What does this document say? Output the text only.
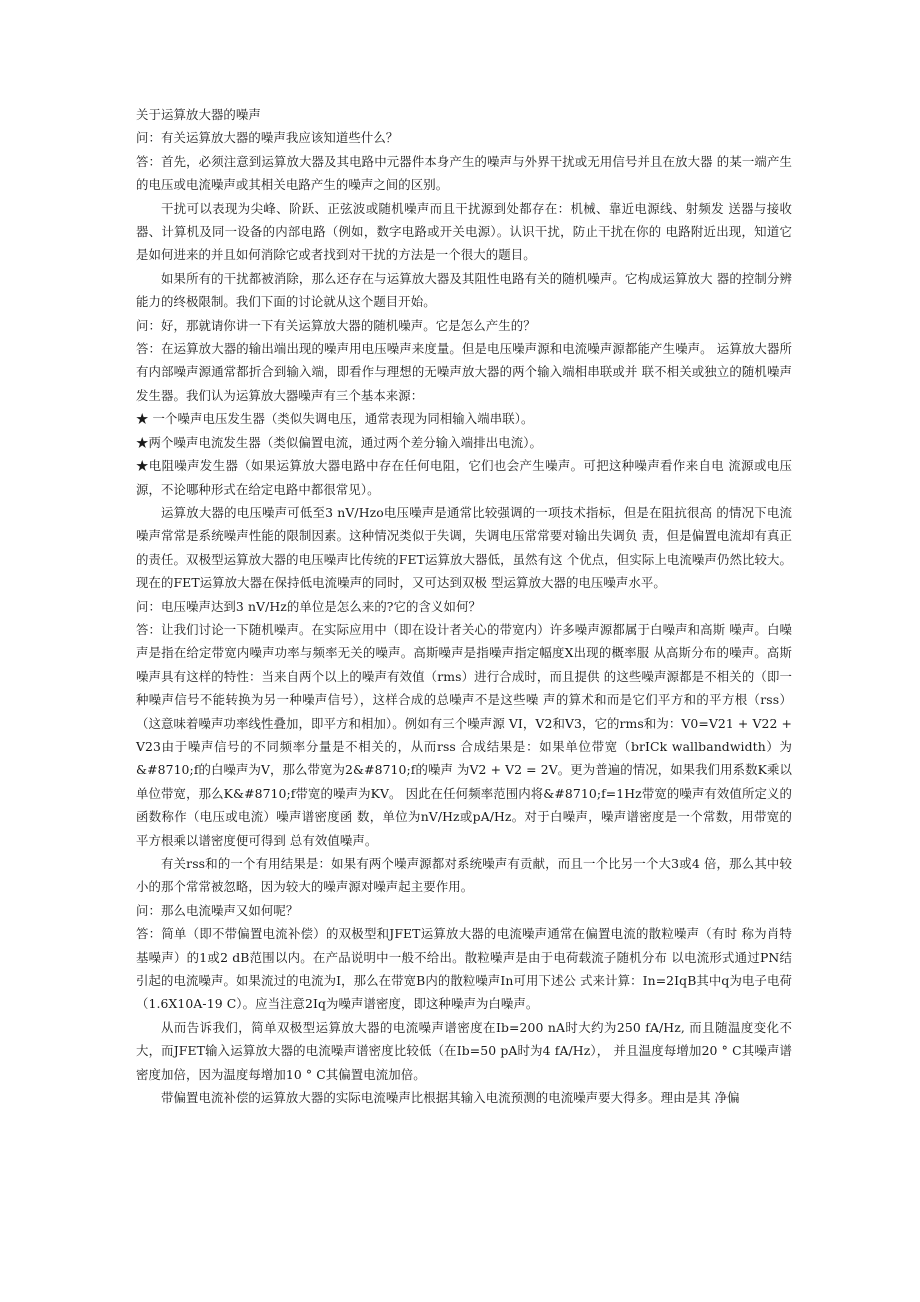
关于运算放大器的噪声

问：有关运算放大器的噪声我应该知道些什么？

答：首先，必须注意到运算放大器及其电路中元器件本身产生的噪声与外界干扰或无用信号并且在放大器 的某一端产生的电压或电流噪声或其相关电路产生的噪声之间的区别。

干扰可以表现为尖峰、阶跃、正弦波或随机噪声而且干扰源到处都存在：机械、靠近电源线、射频发 送器与接收器、计算机及同一设备的内部电路（例如，数字电路或开关电源）。认识干扰，防止干扰在你的 电路附近出现，知道它是如何进来的并且如何消除它或者找到对干扰的方法是一个很大的题目。

如果所有的干扰都被消除，那么还存在与运算放大器及其阻性电路有关的随机噪声。它构成运算放大 器的控制分辨能力的终极限制。我们下面的讨论就从这个题目开始。

问：好，那就请你讲一下有关运算放大器的随机噪声。它是怎么产生的？

答：在运算放大器的输出端出现的噪声用电压噪声来度量。但是电压噪声源和电流噪声源都能产生噪声。 运算放大器所有内部噪声源通常都折合到输入端，即看作与理想的无噪声放大器的两个输入端相串联或并 联不相关或独立的随机噪声发生器。我们认为运算放大器噪声有三个基本来源：

★ 一个噪声电压发生器（类似失调电压，通常表现为同相输入端串联）。

★两个噪声电流发生器（类似偏置电流，通过两个差分输入端排出电流）。

★电阻噪声发生器（如果运算放大器电路中存在任何电阻，它们也会产生噪声。可把这种噪声看作来自电 流源或电压源，不论哪种形式在给定电路中都很常见）。

运算放大器的电压噪声可低至3 nV/Hzo电压噪声是通常比较强调的一项技术指标，但是在阻抗很高 的情况下电流噪声常常是系统噪声性能的限制因素。这种情况类似于失调，失调电压常常要对输出失调负 责，但是偏置电流却有真正的责任。双极型运算放大器的电压噪声比传统的FET运算放大器低，虽然有这 个优点，但实际上电流噪声仍然比较大。现在的FET运算放大器在保持低电流噪声的同时，又可达到双极 型运算放大器的电压噪声水平。

问：电压噪声达到3 nV/Hz的单位是怎么来的?它的含义如何？

答：让我们讨论一下随机噪声。在实际应用中（即在设计者关心的带宽内）许多噪声源都属于白噪声和高斯 噪声。白噪声是指在给定带宽内噪声功率与频率无关的噪声。高斯噪声是指噪声指定幅度X出现的概率服 从高斯分布的噪声。高斯噪声具有这样的特性：当来自两个以上的噪声有效值（rms）进行合成时，而且提供 的这些噪声源都是不相关的（即一种噪声信号不能转换为另一种噪声信号），这样合成的总噪声不是这些噪 声的算术和而是它们平方和的平方根（rss）（这意味着噪声功率线性叠加，即平方和相加）。例如有三个噪声源 VI，V2和V3，它的rms和为：V0=V21 + V22 + V23由于噪声信号的不同频率分量是不相关的，从而rss 合成结果是：如果单位带宽（brICk wallbandwidth）为&#8710;f的白噪声为V，那么带宽为2&#8710;f的噪声 为V2 + V2 = 2V。更为普遍的情况，如果我们用系数K乘以单位带宽，那么K&#8710;f带宽的噪声为KV。 因此在任何频率范围内将&#8710;f=1Hz带宽的噪声有效值所定义的函数称作（电压或电流）噪声谱密度函 数，单位为nV/Hz或pA/Hz。对于白噪声，噪声谱密度是一个常数，用带宽的平方根乘以谱密度便可得到 总有效值噪声。

有关rss和的一个有用结果是：如果有两个噪声源都对系统噪声有贡献，而且一个比另一个大3或4 倍，那么其中较小的那个常常被忽略，因为较大的噪声源对噪声起主要作用。

问：那么电流噪声又如何呢？

答：简单（即不带偏置电流补偿）的双极型和JFET运算放大器的电流噪声通常在偏置电流的散粒噪声（有时 称为肖特基噪声）的1或2 dB范围以内。在产品说明中一般不给出。散粒噪声是由于电荷载流子随机分布 以电流形式通过PN结引起的电流噪声。如果流过的电流为I，那么在带宽B内的散粒噪声In可用下述公 式来计算：In=2IqB其中q为电子电荷（1.6X10A-19 C）。应当注意2Iq为噪声谱密度，即这种噪声为白噪声。

从而告诉我们，简单双极型运算放大器的电流噪声谱密度在Ib=200 nA时大约为250 fA/Hz, 而且随温度变化不大，而JFET输入运算放大器的电流噪声谱密度比较低（在Ib=50 pA时为4 fA/Hz）， 并且温度每增加20 ° C其噪声谱密度加倍，因为温度每增加10 ° C其偏置电流加倍。

带偏置电流补偿的运算放大器的实际电流噪声比根据其输入电流预测的电流噪声要大得多。理由是其 净偏
